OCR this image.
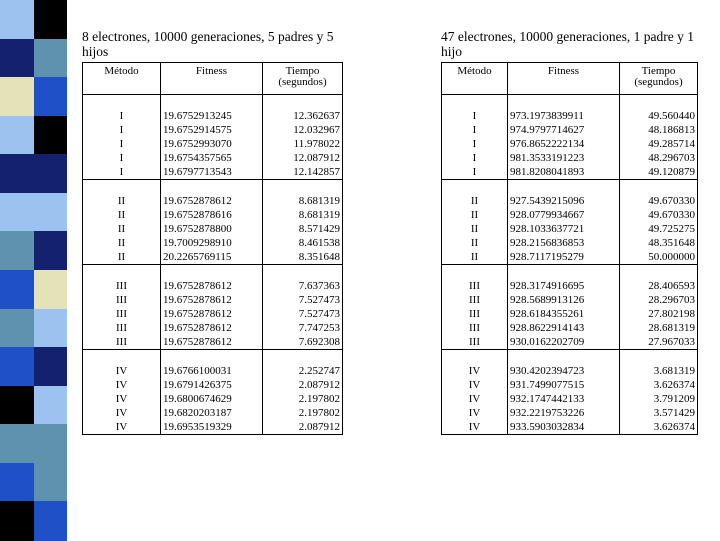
8 electrones, 10000 generaciones, 5 padres y 5 hijos
Método	Fitness	Tiempo (segundos)

I	19.6752913245	12.362637
I	19.6752914575	12.032967
I	19.6752993070	11.978022
I	19.6754357565	12.087912
I	19.6797713543	12.142857

II	19.6752878612	8.681319
II	19.6752878616	8.681319
II	19.6752878800	8.571429
II	19.7009298910	8.461538
II	20.2265769115	8.351648

III	19.6752878612	7.637363
III	19.6752878612	7.527473
III	19.6752878612	7.527473
III	19.6752878612	7.747253
III	19.6752878612	7.692308

IV	19.6766100031	2.252747
IV	19.6791426375	2.087912
IV	19.6800674629	2.197802
IV	19.6820203187	2.197802
IV	19.6953519329	2.087912
47 electrones, 10000 generaciones, 1 padre y 1 hijo
Método	Fitness	Tiempo (segundos)

I	973.1973839911	49.560440
I	974.9797714627	48.186813
I	976.8652222134	49.285714
I	981.3533191223	48.296703
I	981.8208041893	49.120879

II	927.5439215096	49.670330
II	928.0779934667	49.670330
II	928.1033637721	49.725275
II	928.2156836853	48.351648
II	928.7117195279	50.000000

III	928.3174916695	28.406593
III	928.5689913126	28.296703
III	928.6184355261	27.802198
III	928.8622914143	28.681319
III	930.0162202709	27.967033

IV	930.4202394723	3.681319
IV	931.7499077515	3.626374
IV	932.1747442133	3.791209
IV	932.2219753226	3.571429
IV	933.5903032834	3.626374
